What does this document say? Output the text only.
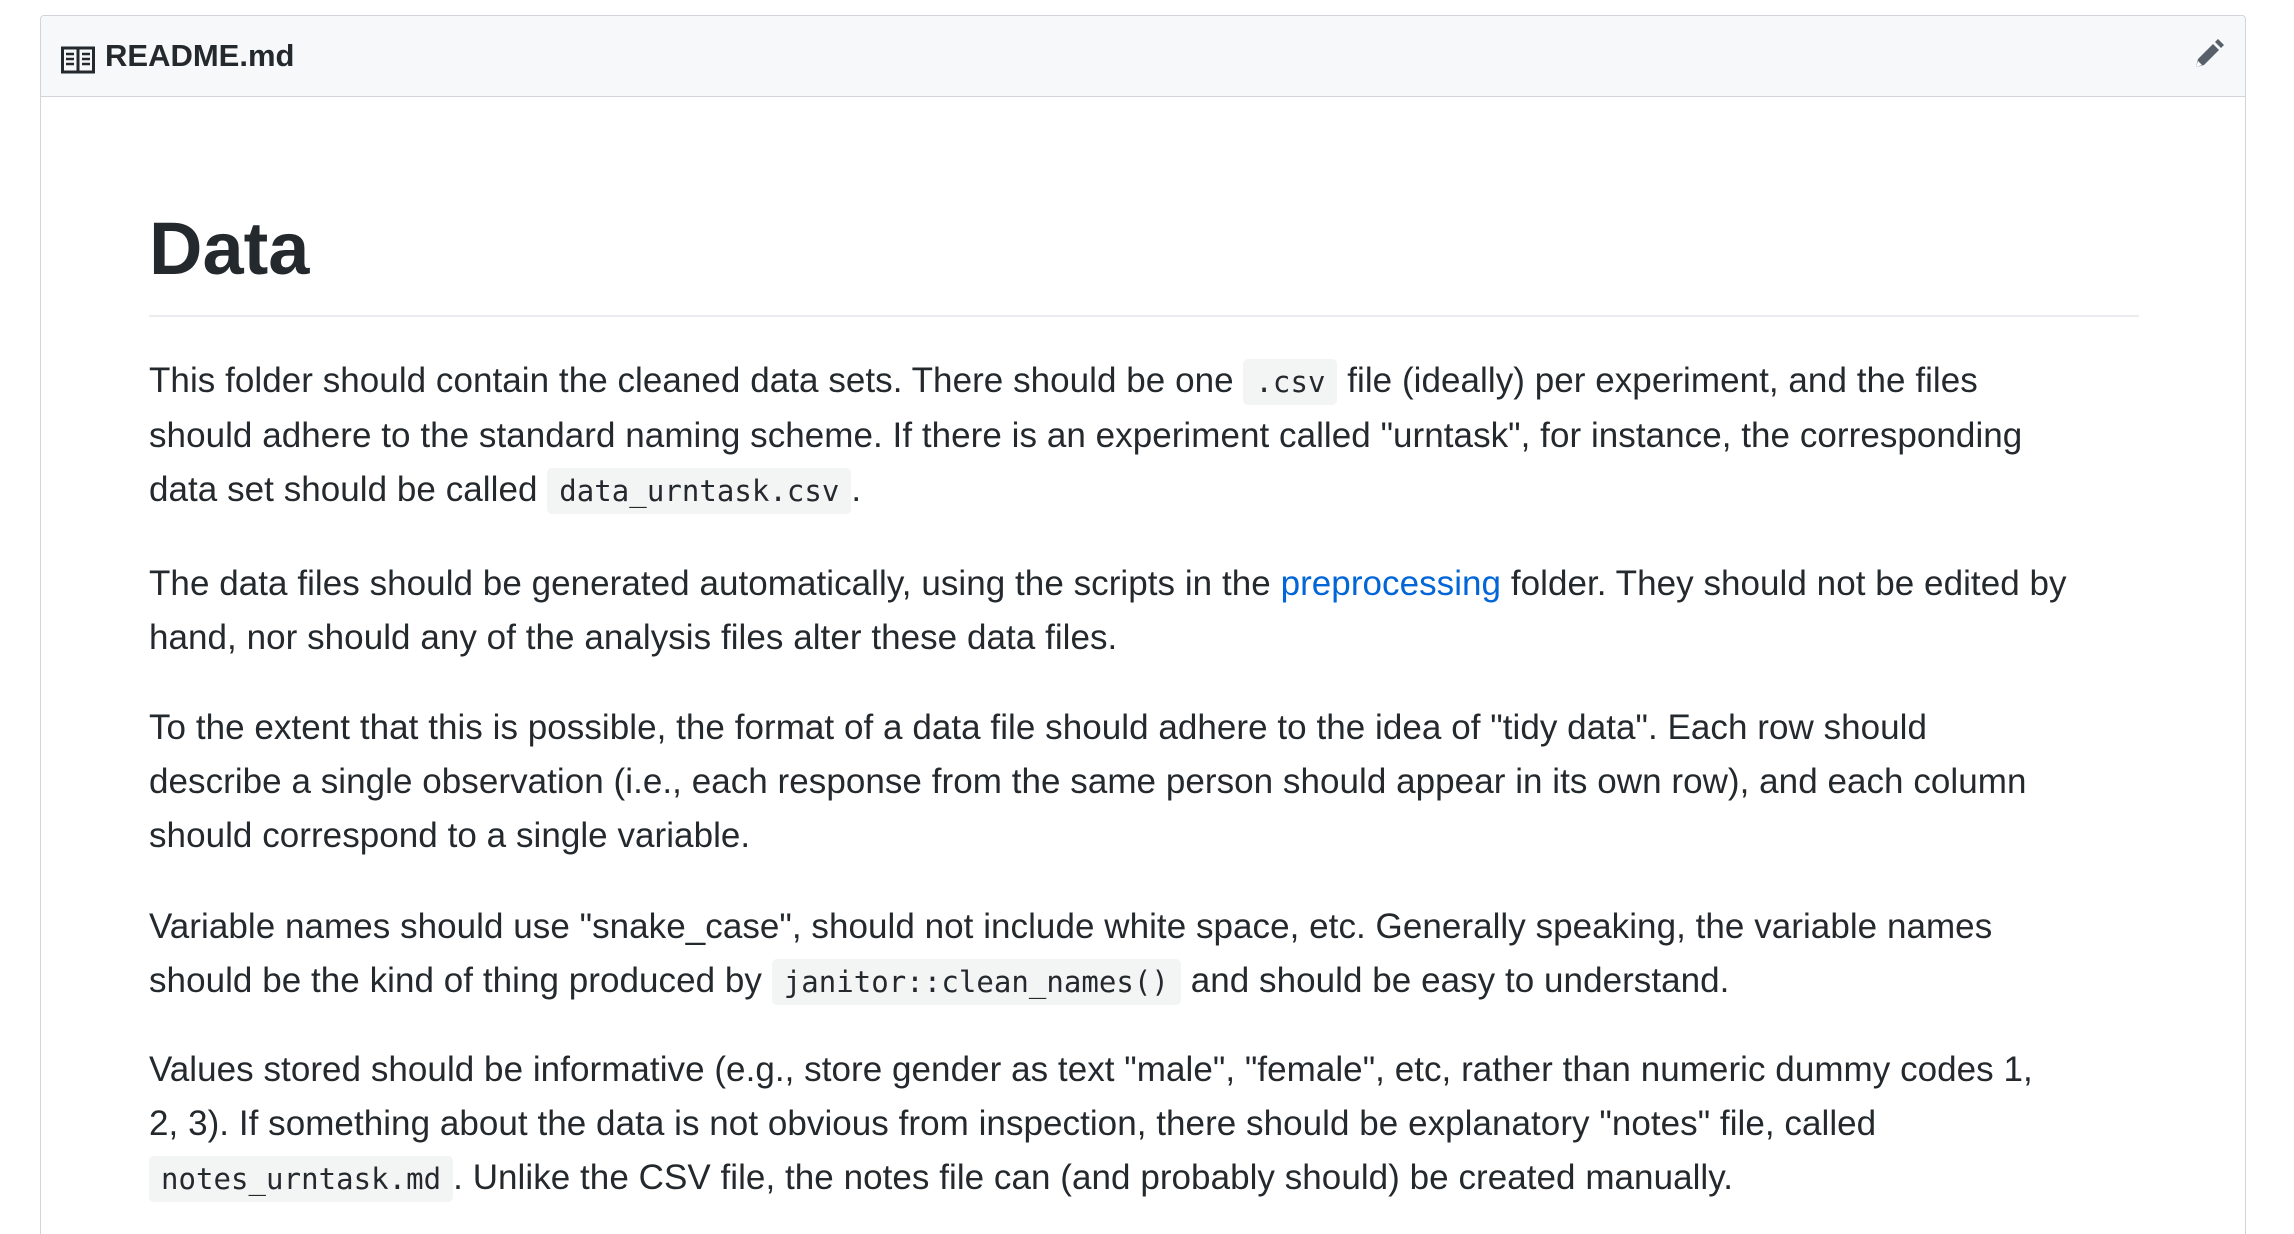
README.md
Data

This folder should contain the cleaned data sets. There should be one .csv file (ideally) per experiment, and the files
should adhere to the standard naming scheme. If there is an experiment called "urntask", for instance, the corresponding
data set should be called data_urntask.csv .

The data files should be generated automatically, using the scripts in the preprocessing folder. They should not be edited by
hand, nor should any of the analysis files alter these data files.

To the extent that this is possible, the format of a data file should adhere to the idea of "tidy data". Each row should
describe a single observation (i.e., each response from the same person should appear in its own row), and each column
should correspond to a single variable.

Variable names should use "snake_case", should not include white space, etc. Generally speaking, the variable names
should be the kind of thing produced by janitor::clean_names() and should be easy to understand.

Values stored should be informative (e.g., store gender as text "male", "female", etc, rather than numeric dummy codes 1,
2, 3). If something about the data is not obvious from inspection, there should be explanatory "notes" file, called
notes_urntask.md . Unlike the CSV file, the notes file can (and probably should) be created manually.
